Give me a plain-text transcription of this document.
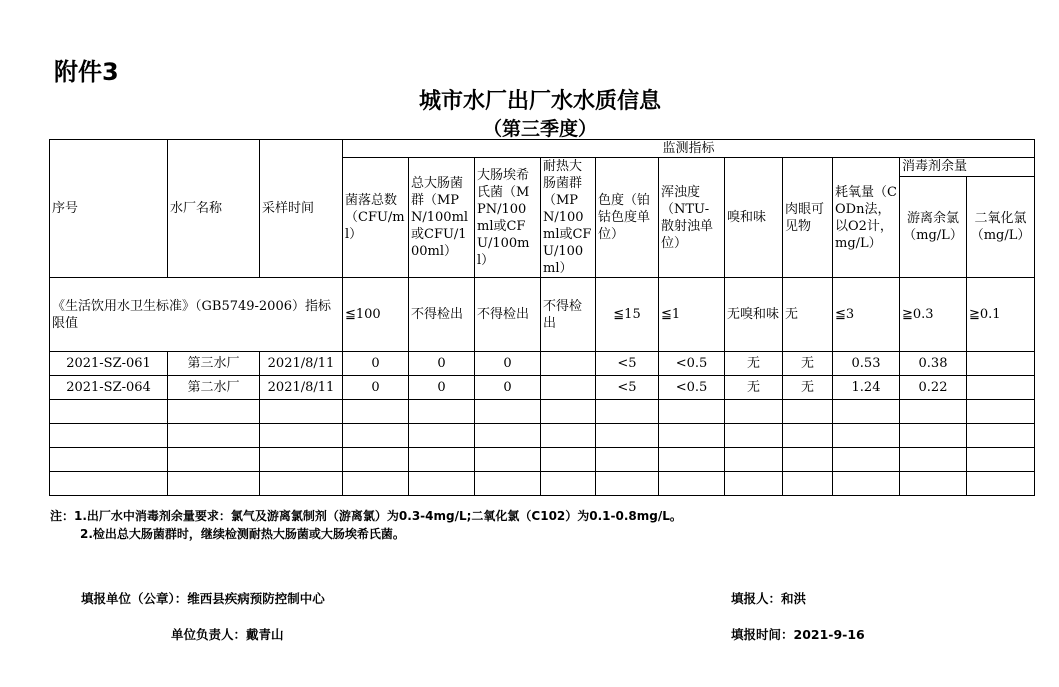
附件3
城市水厂出厂水水质信息
（第三季度）
序号	水厂名称	采样时间	监测指标										
			菌落总数（CFU/ml）	总大肠菌群（MPN/100ml或CFU/100ml）	大肠埃希氏菌（MPN/100ml或CFU/100ml）	耐热大肠菌群（MPN/100ml或CFU/100ml）	色度（铂钴色度单位）	浑浊度（NTU-散射浊单位）	嗅和味	肉眼可见物	耗氧量（CODn法，以O2计，mg/L）	消毒剂余量	
												游离余氯（mg/L）	二氧化氯（mg/L）
《生活饮用水卫生标准》（GB5749-2006）指标限值			≦100	不得检出	不得检出	不得检出	≦15	≦1	无嗅和味	无	≦3	≧0.3	≧0.1
2021-SZ-061	第三水厂	2021/8/11	0	0	0		<5	<0.5	无	无	0.53	0.38	
2021-SZ-064	第二水厂	2021/8/11	0	0	0		<5	<0.5	无	无	1.24	0.22	

注：1.出厂水中消毒剂余量要求：氯气及游离氯制剂（游离氯）为0.3-4mg/L;二氧化氯（C102）为0.1-0.8mg/L。
2.检出总大肠菌群时，继续检测耐热大肠菌或大肠埃希氏菌。
填报单位（公章）：维西县疾病预防控制中心	填报人：和洪
单位负责人：戴青山	填报时间：2021-9-16
